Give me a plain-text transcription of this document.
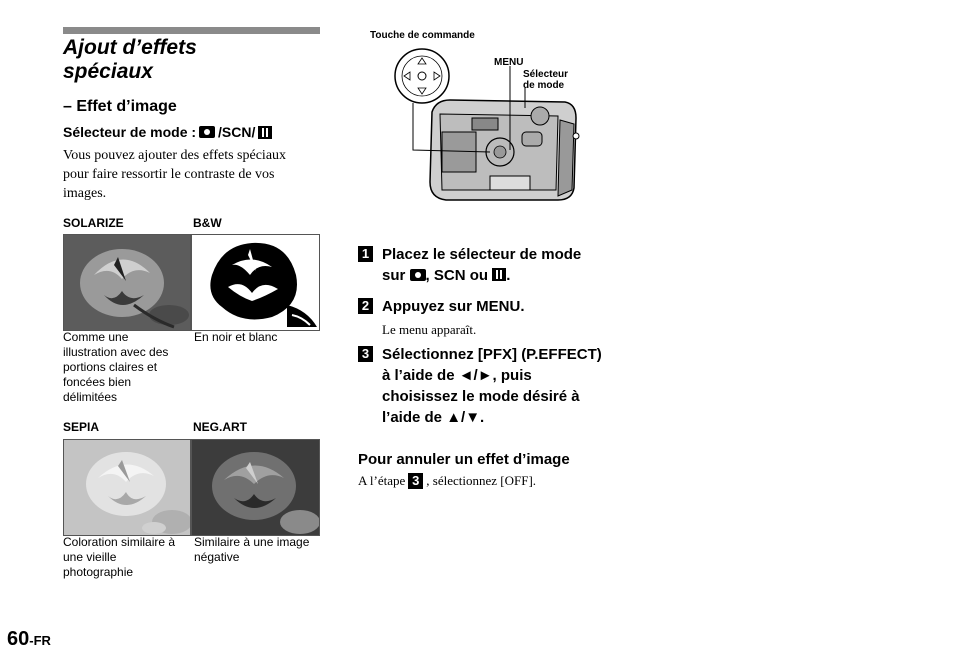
Ajout d’effets
spéciaux
– Effet d’image
Sélecteur de mode : /SCN/
Vous pouvez ajouter des effets spéciaux pour faire ressortir le contraste de vos images.
SOLARIZE	B&W
Comme une illustration avec des portions claires et foncées bien délimitées
En noir et blanc
SEPIA	NEG.ART
Coloration similaire à une vieille photographie
Similaire à une image négative
60-FR
Touche de commande
MENU
Sélecteur
de mode
1 Placez le sélecteur de mode
sur , SCN ou .
2 Appuyez sur MENU.
Le menu apparaît.
3 Sélectionnez [PFX] (P.EFFECT)
à l’aide de ◄/►, puis
choisissez le mode désiré à
l’aide de ▲/▼.
Pour annuler un effet d’image
A l’étape 3 , sélectionnez [OFF].
